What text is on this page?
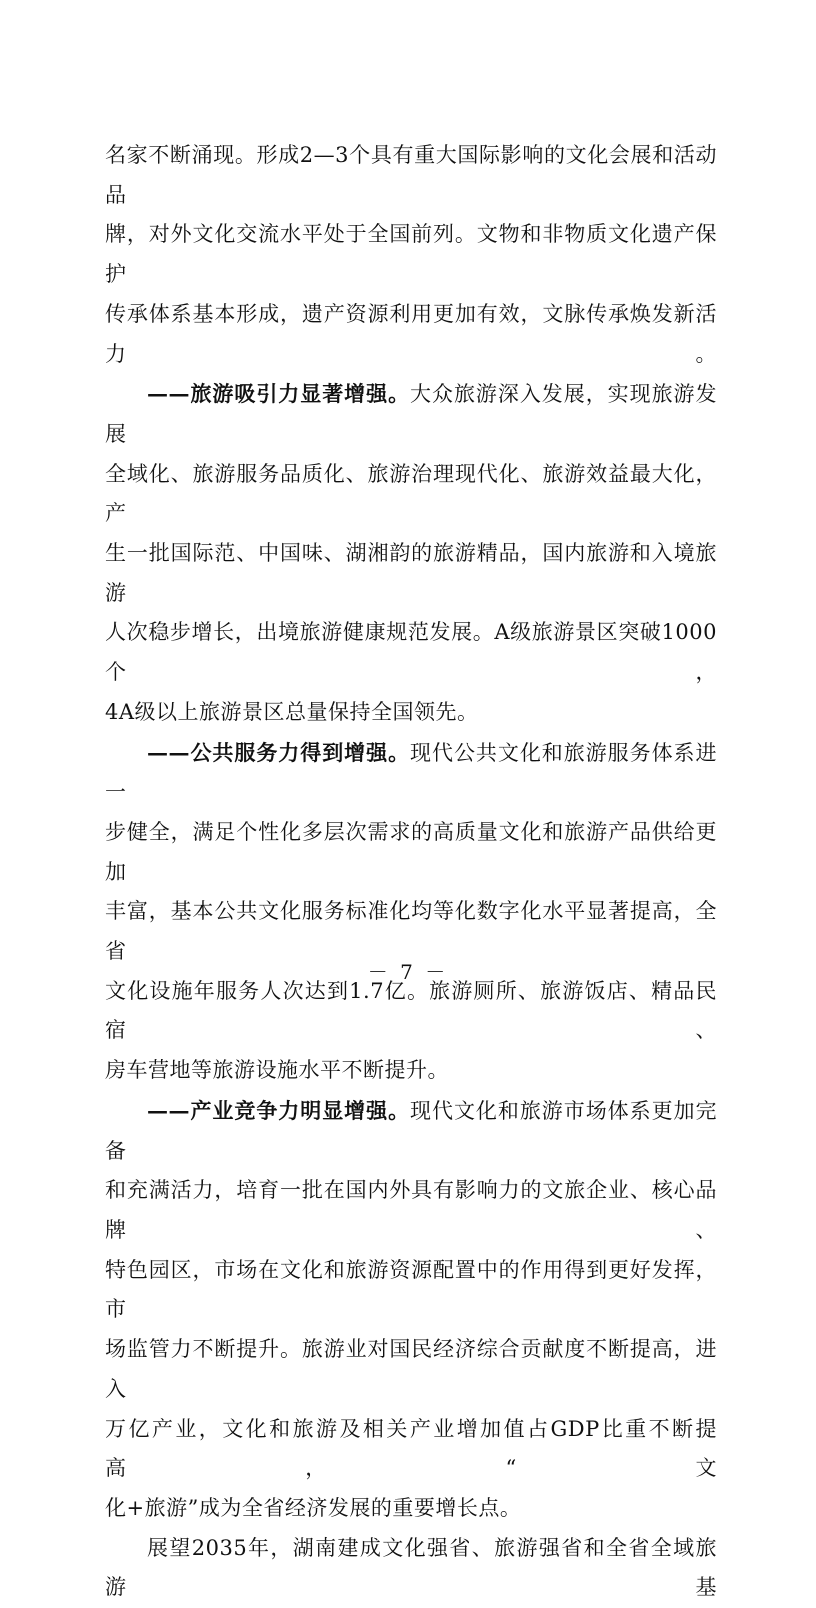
名家不断涌现。形成2—3个具有重大国际影响的文化会展和活动品

牌，对外文化交流水平处于全国前列。文物和非物质文化遗产保护

传承体系基本形成，遗产资源利用更加有效，文脉传承焕发新活力。

——旅游吸引力显著增强。大众旅游深入发展，实现旅游发展

全域化、旅游服务品质化、旅游治理现代化、旅游效益最大化，产

生一批国际范、中国味、湖湘韵的旅游精品，国内旅游和入境旅游

人次稳步增长，出境旅游健康规范发展。A级旅游景区突破1000个，

4A级以上旅游景区总量保持全国领先。

——公共服务力得到增强。现代公共文化和旅游服务体系进一

步健全，满足个性化多层次需求的高质量文化和旅游产品供给更加

丰富，基本公共文化服务标准化均等化数字化水平显著提高，全省

文化设施年服务人次达到1.7亿。旅游厕所、旅游饭店、精品民宿、

房车营地等旅游设施水平不断提升。

——产业竞争力明显增强。现代文化和旅游市场体系更加完备

和充满活力，培育一批在国内外具有影响力的文旅企业、核心品牌、

特色园区，市场在文化和旅游资源配置中的作用得到更好发挥，市

场监管力不断提升。旅游业对国民经济综合贡献度不断提高，进入

万亿产业，文化和旅游及相关产业增加值占GDP比重不断提高，“文

化+旅游”成为全省经济发展的重要增长点。

展望2035年，湖南建成文化强省、旅游强省和全省全域旅游基

－ 7 －
